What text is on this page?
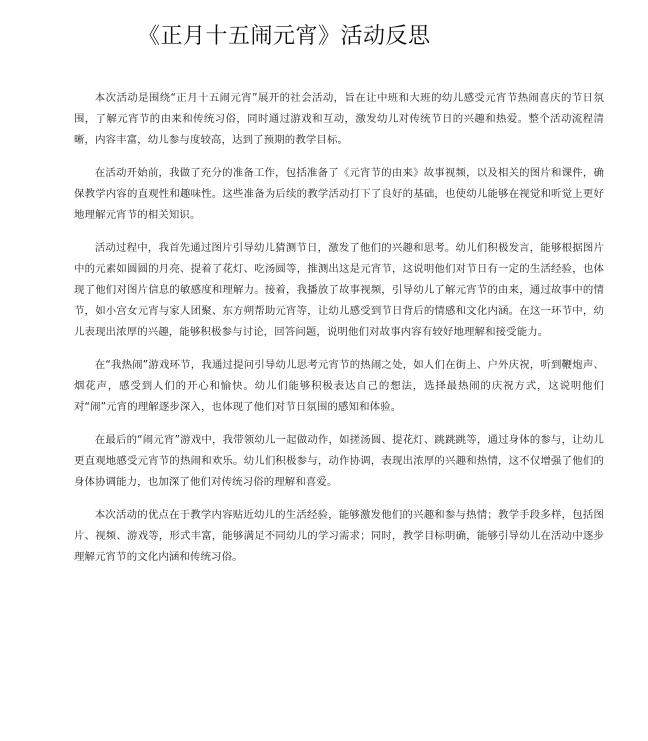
《正月十五闹元宵》活动反思

本次活动是围绕“正月十五闹元宵”展开的社会活动，旨在让中班和大班的幼儿感受元宵节热闹喜庆的节日氛围，了解元宵节的由来和传统习俗，同时通过游戏和互动，激发幼儿对传统节日的兴趣和热爱。整个活动流程清晰，内容丰富，幼儿参与度较高，达到了预期的教学目标。

在活动开始前，我做了充分的准备工作，包括准备了《元宵节的由来》故事视频，以及相关的图片和课件，确保教学内容的直观性和趣味性。这些准备为后续的教学活动打下了良好的基础，也使幼儿能够在视觉和听觉上更好地理解元宵节的相关知识。

活动过程中，我首先通过图片引导幼儿猜测节日，激发了他们的兴趣和思考。幼儿们积极发言，能够根据图片中的元素如圆圆的月亮、提着了花灯、吃汤圆等，推测出这是元宵节，这说明他们对节日有一定的生活经验，也体现了他们对图片信息的敏感度和理解力。接着，我播放了故事视频，引导幼儿了解元宵节的由来，通过故事中的情节，如小宫女元宵与家人团聚、东方朔帮助元宵等，让幼儿感受到节日背后的情感和文化内涵。在这一环节中，幼儿表现出浓厚的兴趣，能够积极参与讨论，回答问题，说明他们对故事内容有较好地理解和接受能力。

在“我热闹”游戏环节，我通过提问引导幼儿思考元宵节的热闹之处，如人们在街上、户外庆祝，听到鞭炮声、烟花声，感受到人们的开心和愉快。幼儿们能够积极表达自己的想法，选择最热闹的庆祝方式，这说明他们对“闹”元宵的理解逐步深入，也体现了他们对节日氛围的感知和体验。

在最后的“闹元宵”游戏中，我带领幼儿一起做动作，如搓汤圆、提花灯、跳跳跳等，通过身体的参与，让幼儿更直观地感受元宵节的热闹和欢乐。幼儿们积极参与，动作协调，表现出浓厚的兴趣和热情，这不仅增强了他们的身体协调能力，也加深了他们对传统习俗的理解和喜爱。

本次活动的优点在于教学内容贴近幼儿的生活经验，能够激发他们的兴趣和参与热情；教学手段多样，包括图片、视频、游戏等，形式丰富，能够满足不同幼儿的学习需求；同时，教学目标明确，能够引导幼儿在活动中逐步理解元宵节的文化内涵和传统习俗。
